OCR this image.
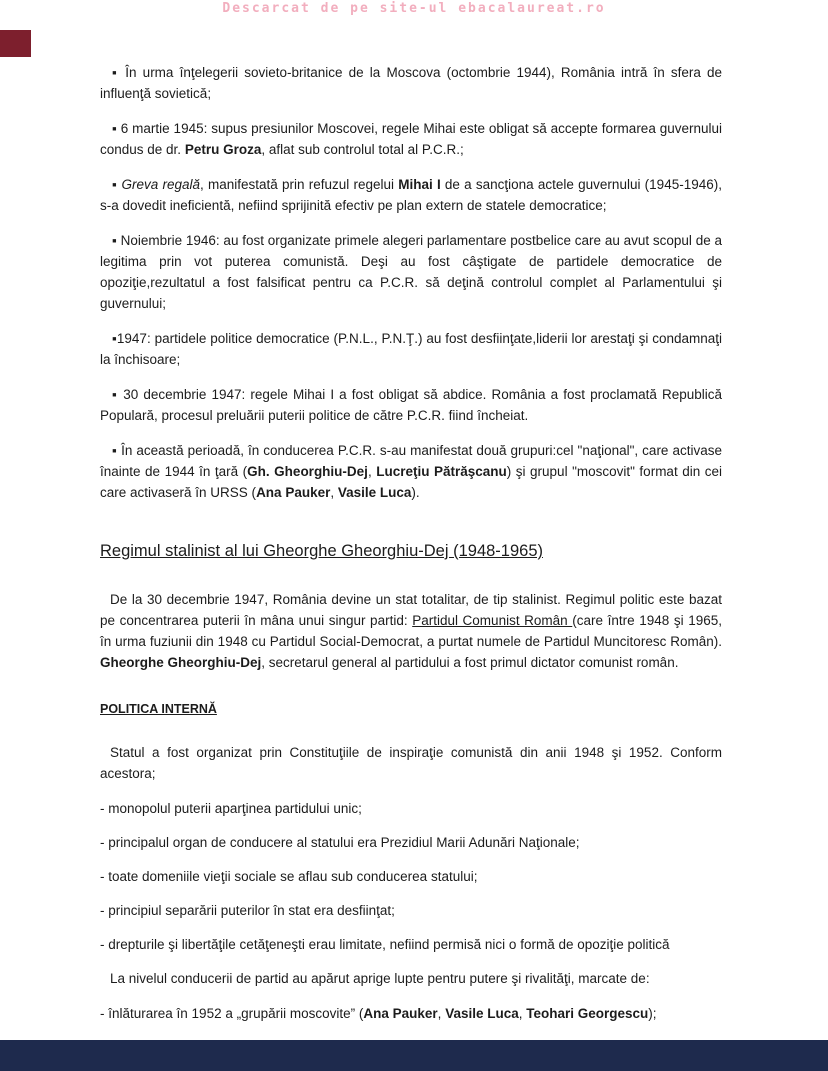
Descarcat de pe site-ul ebacalaureat.ro
▪ În urma înţelegerii sovieto-britanice de la Moscova (octombrie 1944), România intră în sfera de influenţă sovietică;
▪ 6 martie 1945: supus presiunilor Moscovei, regele Mihai este obligat să accepte formarea guvernului condus de dr. Petru Groza, aflat sub controlul total al P.C.R.;
▪ Greva regală, manifestată prin refuzul regelui Mihai I de a sancţiona actele guvernului (1945-1946), s-a dovedit ineficientă, nefiind sprijinită efectiv pe plan extern de statele democratice;
▪ Noiembrie 1946: au fost organizate primele alegeri parlamentare postbelice care au avut scopul de a legitima prin vot puterea comunistă. Deşi au fost câştigate de partidele democratice de opoziţie,rezultatul a fost falsificat pentru ca P.C.R. să deţină controlul complet al Parlamentului şi guvernului;
▪1947: partidele politice democratice (P.N.L., P.N.Ţ.) au fost desfiinţate,liderii lor arestaţi şi condamnaţi la închisoare;
▪ 30 decembrie 1947: regele Mihai I a fost obligat să abdice. România a fost proclamată Republică Populară, procesul preluării puterii politice de către P.C.R. fiind încheiat.
▪ În această perioadă, în conducerea P.C.R. s-au manifestat două grupuri:cel "naţional", care activase înainte de 1944 în ţară (Gh. Gheorghiu-Dej, Lucreţiu Pătrăşcanu) şi grupul "moscovit" format din cei care activaseră în URSS (Ana Pauker, Vasile Luca).
Regimul stalinist al lui Gheorghe Gheorghiu-Dej (1948-1965)
De la 30 decembrie 1947, România devine un stat totalitar, de tip stalinist. Regimul politic este bazat pe concentrarea puterii în mâna unui singur partid: Partidul Comunist Român (care între 1948 şi 1965, în urma fuziunii din 1948 cu Partidul Social-Democrat, a purtat numele de Partidul Muncitoresc Român). Gheorghe Gheorghiu-Dej, secretarul general al partidului a fost primul dictator comunist român.
POLITICA INTERNĂ
Statul a fost organizat prin Constituţiile de inspiraţie comunistă din anii 1948 şi 1952. Conform acestora;
- monopolul puterii aparţinea partidului unic;
- principalul organ de conducere al statului era Prezidiul Marii Adunări Naţionale;
- toate domeniile vieţii sociale se aflau sub conducerea statului;
- principiul separării puterilor în stat era desfiinţat;
- drepturile şi libertăţile cetăţeneşti erau limitate, nefiind permisă nici o formă de opoziţie politică
La nivelul conducerii de partid au apărut aprige lupte pentru putere şi rivalităţi, marcate de:
- înlăturarea în 1952 a „grupării moscovite” (Ana Pauker, Vasile Luca, Teohari Georgescu);
